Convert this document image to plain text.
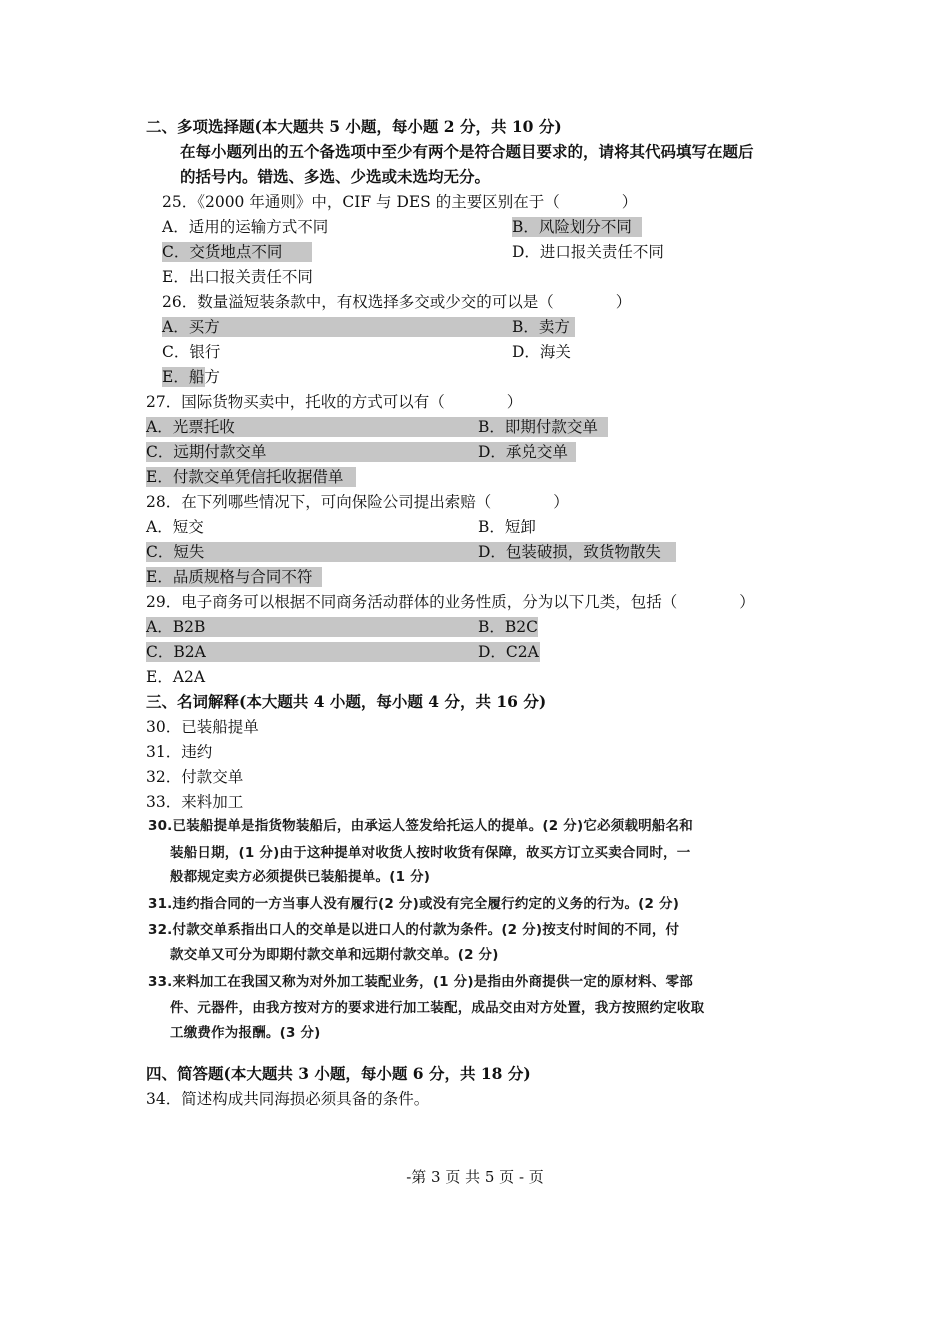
二、多项选择题(本大题共 5 小题，每小题 2 分，共 10 分)
在每小题列出的五个备选项中至少有两个是符合题目要求的，请将其代码填写在题后
的括号内。错选、多选、少选或未选均无分。
25．《2000 年通则》中，CIF 与 DES 的主要区别在于（　　　　）
A．适用的运输方式不同	B．风险划分不同
C．交货地点不同	D．进口报关责任不同
E．出口报关责任不同
26．数量溢短装条款中，有权选择多交或少交的可以是（　　　　）
A．买方	B．卖方
C．银行	D．海关
E．船方
27．国际货物买卖中，托收的方式可以有（　　　　）
A．光票托收	B．即期付款交单
C．远期付款交单	D．承兑交单
E．付款交单凭信托收据借单
28．在下列哪些情况下，可向保险公司提出索赔（　　　　）
A．短交	B．短卸
C．短失	D．包装破损，致货物散失
E．品质规格与合同不符
29．电子商务可以根据不同商务活动群体的业务性质，分为以下几类，包括（　　　　）
A．B2B	B．B2C
C．B2A	D．C2A
E．A2A
三、名词解释(本大题共 4 小题，每小题 4 分，共 16 分)
30．已装船提单
31．违约
32．付款交单
33．来料加工
30.已装船提单是指货物装船后，由承运人签发给托运人的提单。(2 分)它必须载明船名和
装船日期，(1 分)由于这种提单对收货人按时收货有保障，故买方订立买卖合同时，一
般都规定卖方必须提供已装船提单。(1 分)
31.违约指合同的一方当事人没有履行(2 分)或没有完全履行约定的义务的行为。(2 分)
32.付款交单系指出口人的交单是以进口人的付款为条件。(2 分)按支付时间的不同，付
款交单又可分为即期付款交单和远期付款交单。(2 分)
33.来料加工在我国又称为对外加工装配业务，(1 分)是指由外商提供一定的原材料、零部
件、元器件，由我方按对方的要求进行加工装配，成品交由对方处置，我方按照约定收取
工缴费作为报酬。(3 分)
四、简答题(本大题共 3 小题，每小题 6 分，共 18 分)
34．简述构成共同海损必须具备的条件。
-第 3 页 共 5 页 - 页
